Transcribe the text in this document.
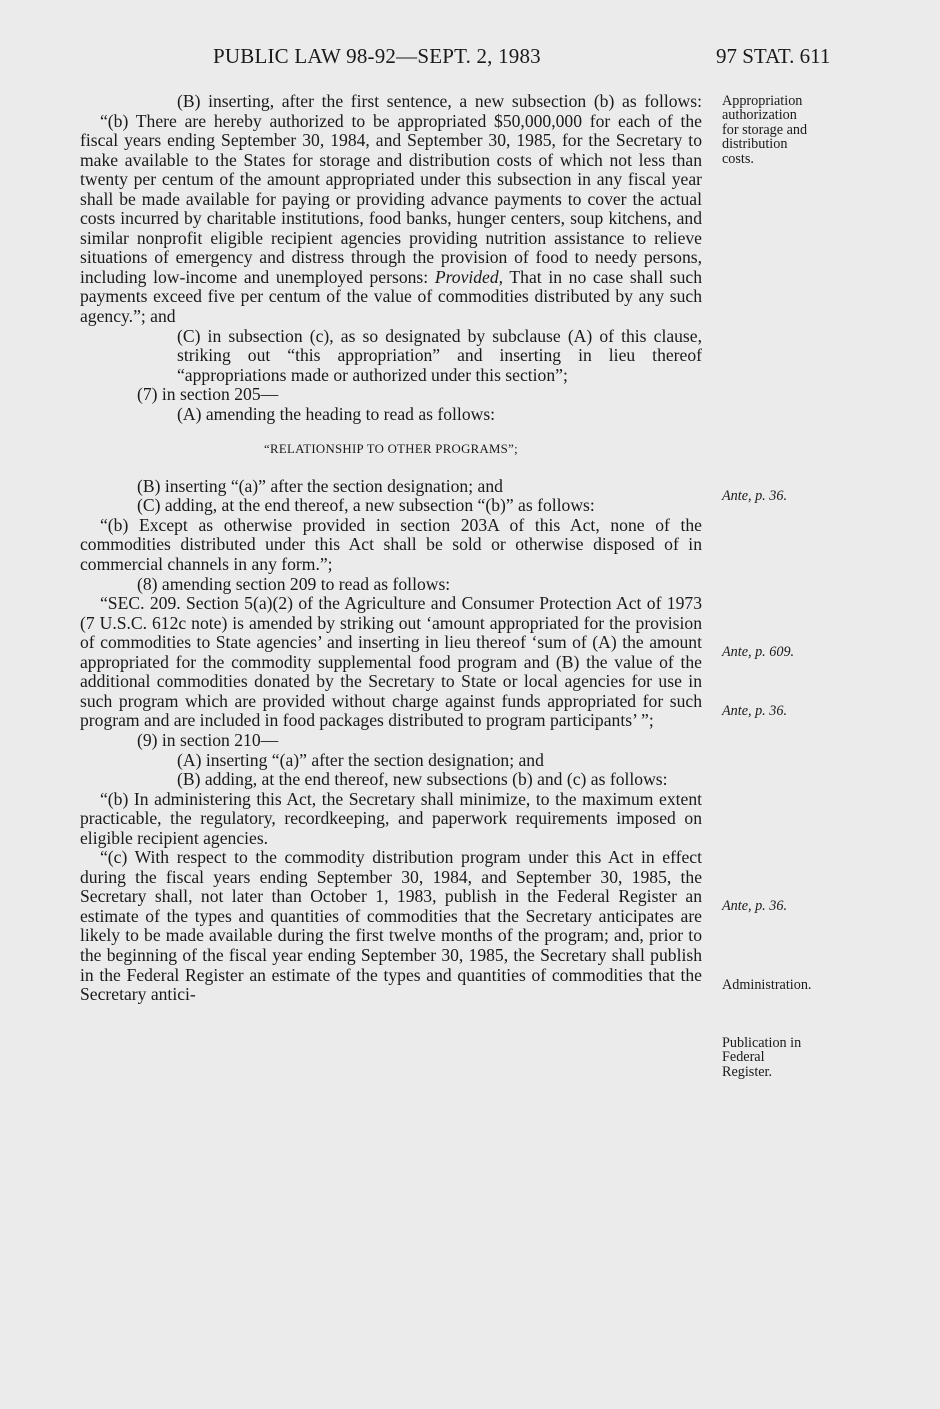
PUBLIC LAW 98-92—SEPT. 2, 1983	97 STAT. 611

(B) inserting, after the first sentence, a new subsection (b) as follows:

“(b) There are hereby authorized to be appropriated $50,000,000 for each of the fiscal years ending September 30, 1984, and September 30, 1985, for the Secretary to make available to the States for storage and distribution costs of which not less than twenty per centum of the amount appropriated under this subsection in any fiscal year shall be made available for paying or providing advance payments to cover the actual costs incurred by charitable institutions, food banks, hunger centers, soup kitchens, and similar nonprofit eligible recipient agencies providing nutrition assistance to relieve situations of emergency and distress through the provision of food to needy persons, including low-income and unemployed persons: Provided, That in no case shall such payments exceed five per centum of the value of commodities distributed by any such agency.”; and

(C) in subsection (c), as so designated by subclause (A) of this clause, striking out “this appropriation” and inserting in lieu thereof “appropriations made or authorized under this section”;

(7) in section 205—

(A) amending the heading to read as follows:

“RELATIONSHIP TO OTHER PROGRAMS”;

(B) inserting “(a)” after the section designation; and

(C) adding, at the end thereof, a new subsection “(b)” as follows:

“(b) Except as otherwise provided in section 203A of this Act, none of the commodities distributed under this Act shall be sold or otherwise disposed of in commercial channels in any form.”;

(8) amending section 209 to read as follows:

“SEC. 209. Section 5(a)(2) of the Agriculture and Consumer Protection Act of 1973 (7 U.S.C. 612c note) is amended by striking out ‘amount appropriated for the provision of commodities to State agencies’ and inserting in lieu thereof ‘sum of (A) the amount appropriated for the commodity supplemental food program and (B) the value of the additional commodities donated by the Secretary to State or local agencies for use in such program which are provided without charge against funds appropriated for such program and are included in food packages distributed to program participants’ ”;

(9) in section 210—

(A) inserting “(a)” after the section designation; and

(B) adding, at the end thereof, new subsections (b) and (c) as follows:

“(b) In administering this Act, the Secretary shall minimize, to the maximum extent practicable, the regulatory, recordkeeping, and paperwork requirements imposed on eligible recipient agencies.

“(c) With respect to the commodity distribution program under this Act in effect during the fiscal years ending September 30, 1984, and September 30, 1985, the Secretary shall, not later than October 1, 1983, publish in the Federal Register an estimate of the types and quantities of commodities that the Secretary anticipates are likely to be made available during the first twelve months of the program; and, prior to the beginning of the fiscal year ending September 30, 1985, the Secretary shall publish in the Federal Register an estimate of the types and quantities of commodities that the Secretary antici-

Appropriation
authorization
for storage and
distribution
costs.
Ante, p. 36.
Ante, p. 609.
Ante, p. 36.
Ante, p. 36.
Administration.
Publication in
Federal
Register.
